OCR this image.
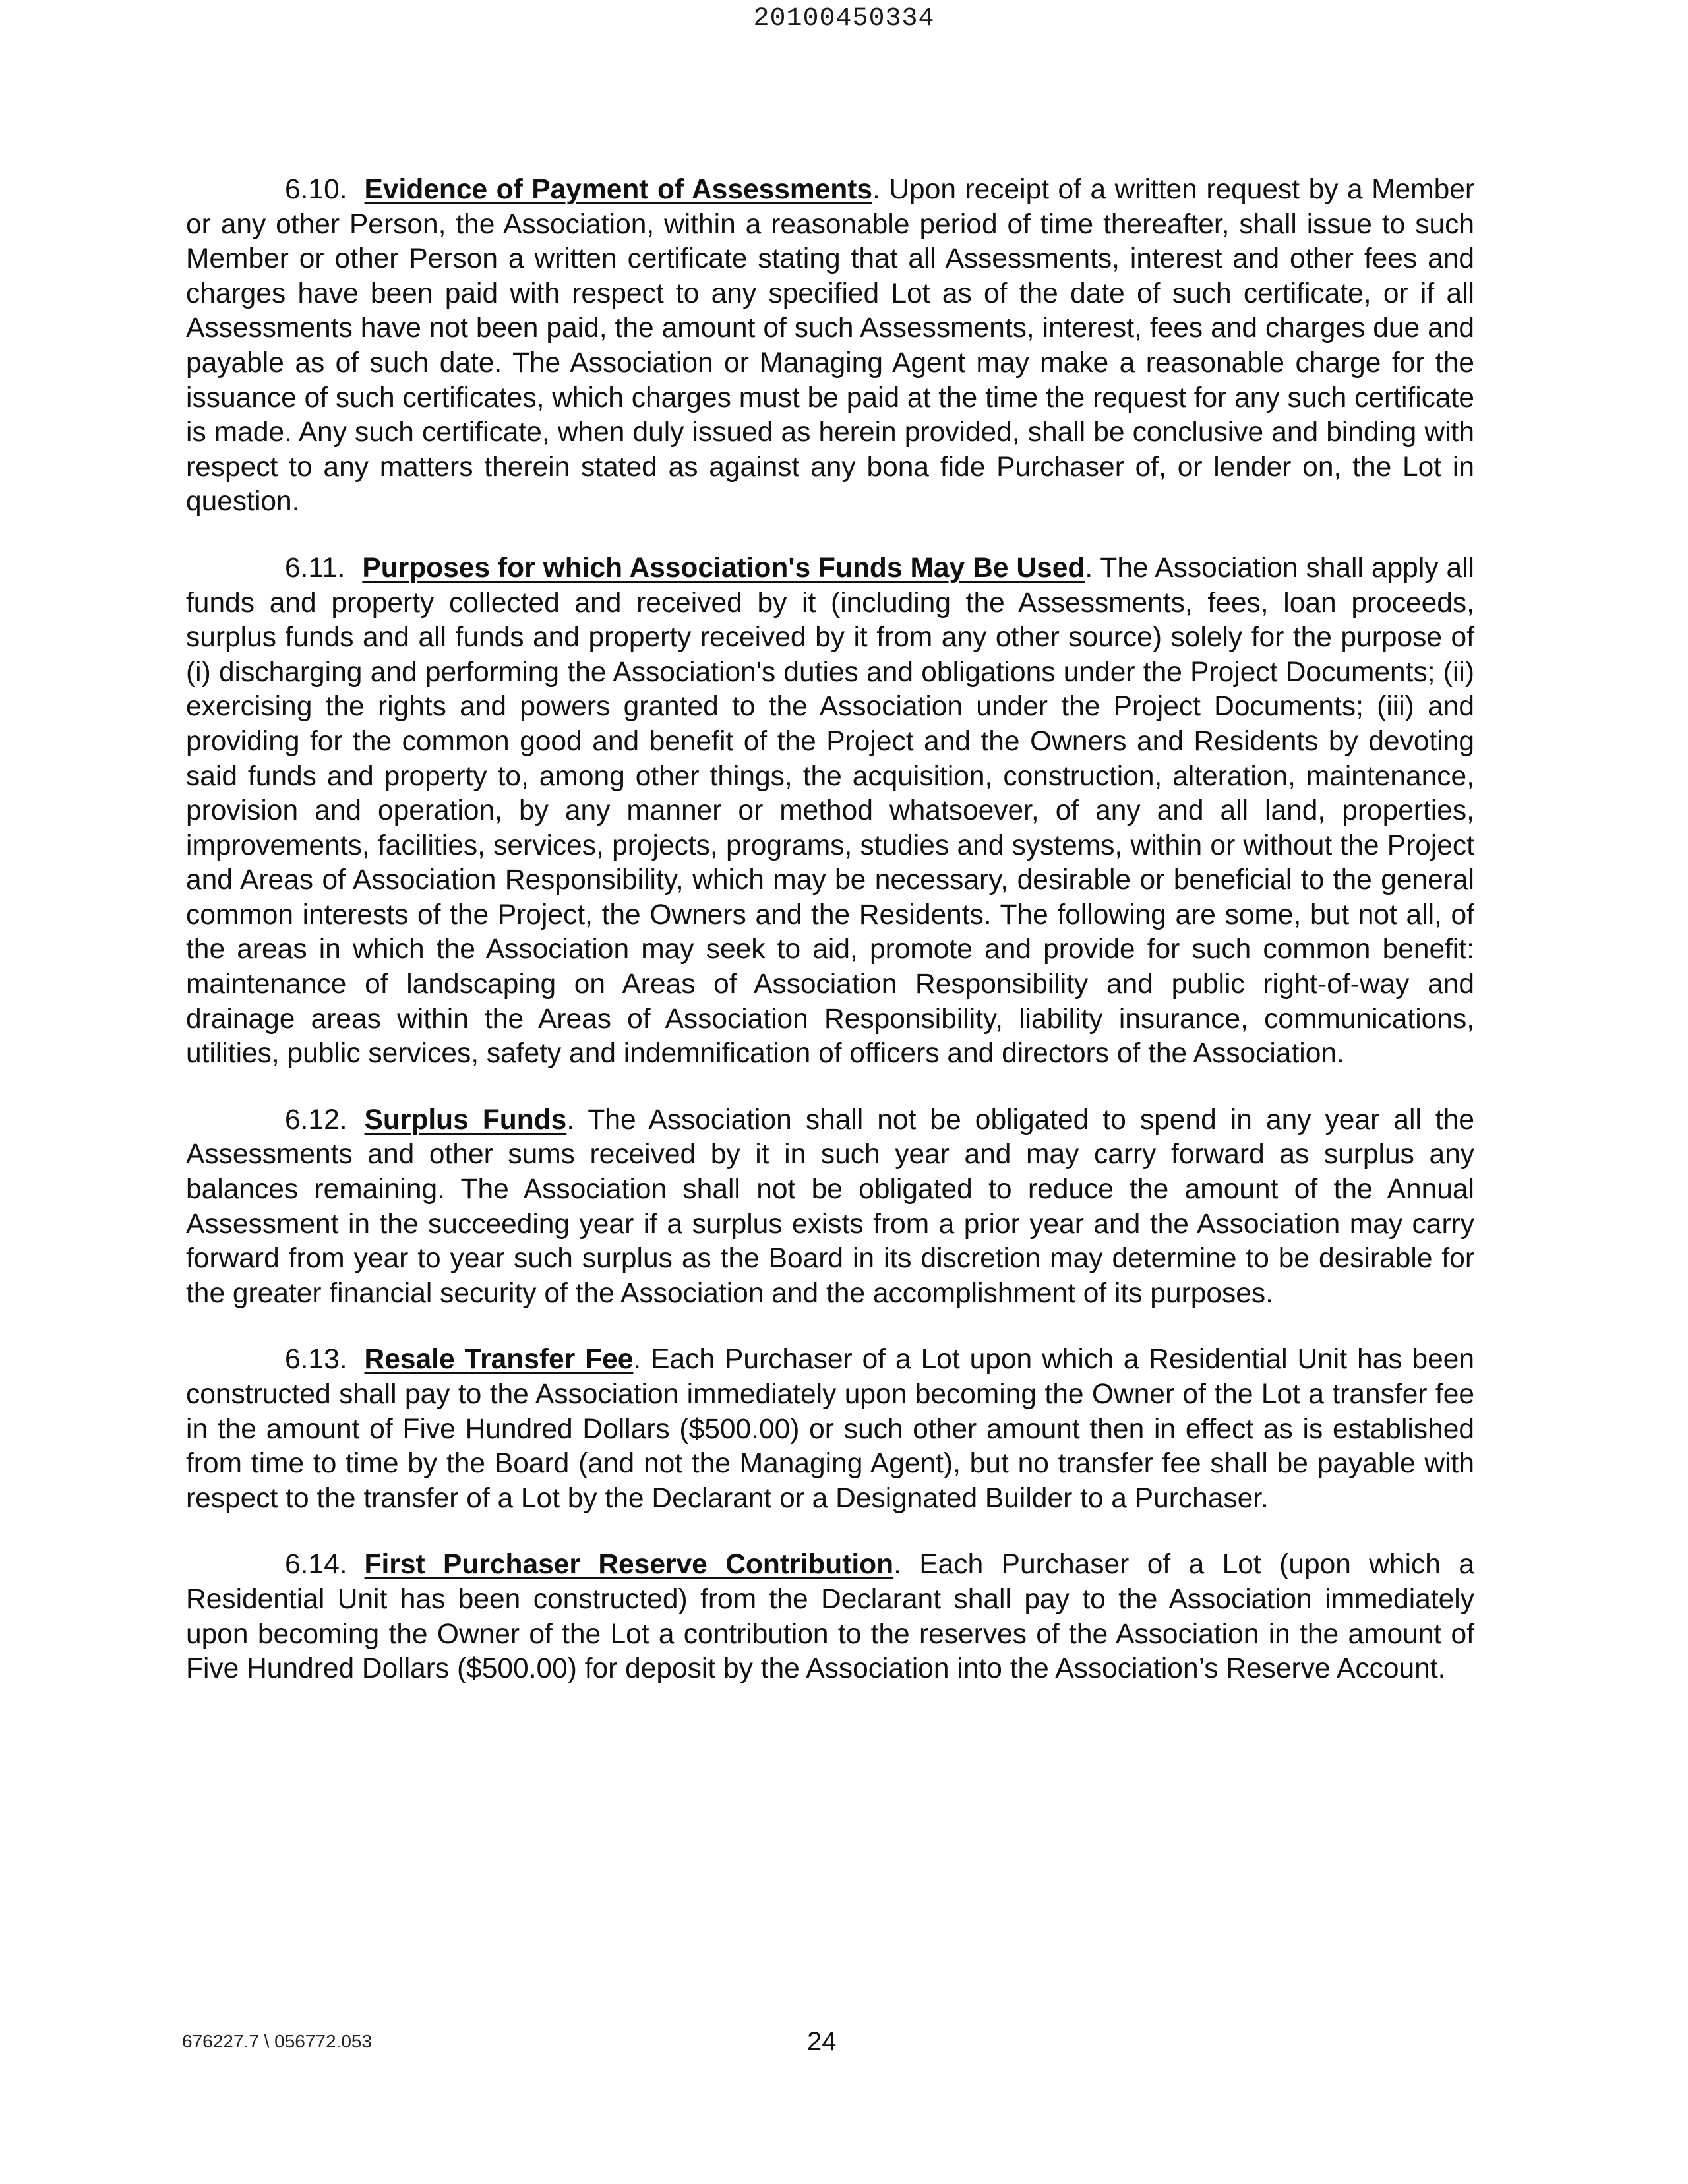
20100450334

6.10. Evidence of Payment of Assessments. Upon receipt of a written request by a Member or any other Person, the Association, within a reasonable period of time thereafter, shall issue to such Member or other Person a written certificate stating that all Assessments, interest and other fees and charges have been paid with respect to any specified Lot as of the date of such certificate, or if all Assessments have not been paid, the amount of such Assessments, interest, fees and charges due and payable as of such date. The Association or Managing Agent may make a reasonable charge for the issuance of such certificates, which charges must be paid at the time the request for any such certificate is made. Any such certificate, when duly issued as herein provided, shall be conclusive and binding with respect to any matters therein stated as against any bona fide Purchaser of, or lender on, the Lot in question.

6.11. Purposes for which Association's Funds May Be Used. The Association shall apply all funds and property collected and received by it (including the Assessments, fees, loan proceeds, surplus funds and all funds and property received by it from any other source) solely for the purpose of (i) discharging and performing the Association's duties and obligations under the Project Documents; (ii) exercising the rights and powers granted to the Association under the Project Documents; (iii) and providing for the common good and benefit of the Project and the Owners and Residents by devoting said funds and property to, among other things, the acquisition, construction, alteration, maintenance, provision and operation, by any manner or method whatsoever, of any and all land, properties, improvements, facilities, services, projects, programs, studies and systems, within or without the Project and Areas of Association Responsibility, which may be necessary, desirable or beneficial to the general common interests of the Project, the Owners and the Residents. The following are some, but not all, of the areas in which the Association may seek to aid, promote and provide for such common benefit: maintenance of landscaping on Areas of Association Responsibility and public right-of-way and drainage areas within the Areas of Association Responsibility, liability insurance, communications, utilities, public services, safety and indemnification of officers and directors of the Association.

6.12. Surplus Funds. The Association shall not be obligated to spend in any year all the Assessments and other sums received by it in such year and may carry forward as surplus any balances remaining. The Association shall not be obligated to reduce the amount of the Annual Assessment in the succeeding year if a surplus exists from a prior year and the Association may carry forward from year to year such surplus as the Board in its discretion may determine to be desirable for the greater financial security of the Association and the accomplishment of its purposes.

6.13. Resale Transfer Fee. Each Purchaser of a Lot upon which a Residential Unit has been constructed shall pay to the Association immediately upon becoming the Owner of the Lot a transfer fee in the amount of Five Hundred Dollars ($500.00) or such other amount then in effect as is established from time to time by the Board (and not the Managing Agent), but no transfer fee shall be payable with respect to the transfer of a Lot by the Declarant or a Designated Builder to a Purchaser.

6.14. First Purchaser Reserve Contribution. Each Purchaser of a Lot (upon which a Residential Unit has been constructed) from the Declarant shall pay to the Association immediately upon becoming the Owner of the Lot a contribution to the reserves of the Association in the amount of Five Hundred Dollars ($500.00) for deposit by the Association into the Association’s Reserve Account.

676227.7 \ 056772.053	24
